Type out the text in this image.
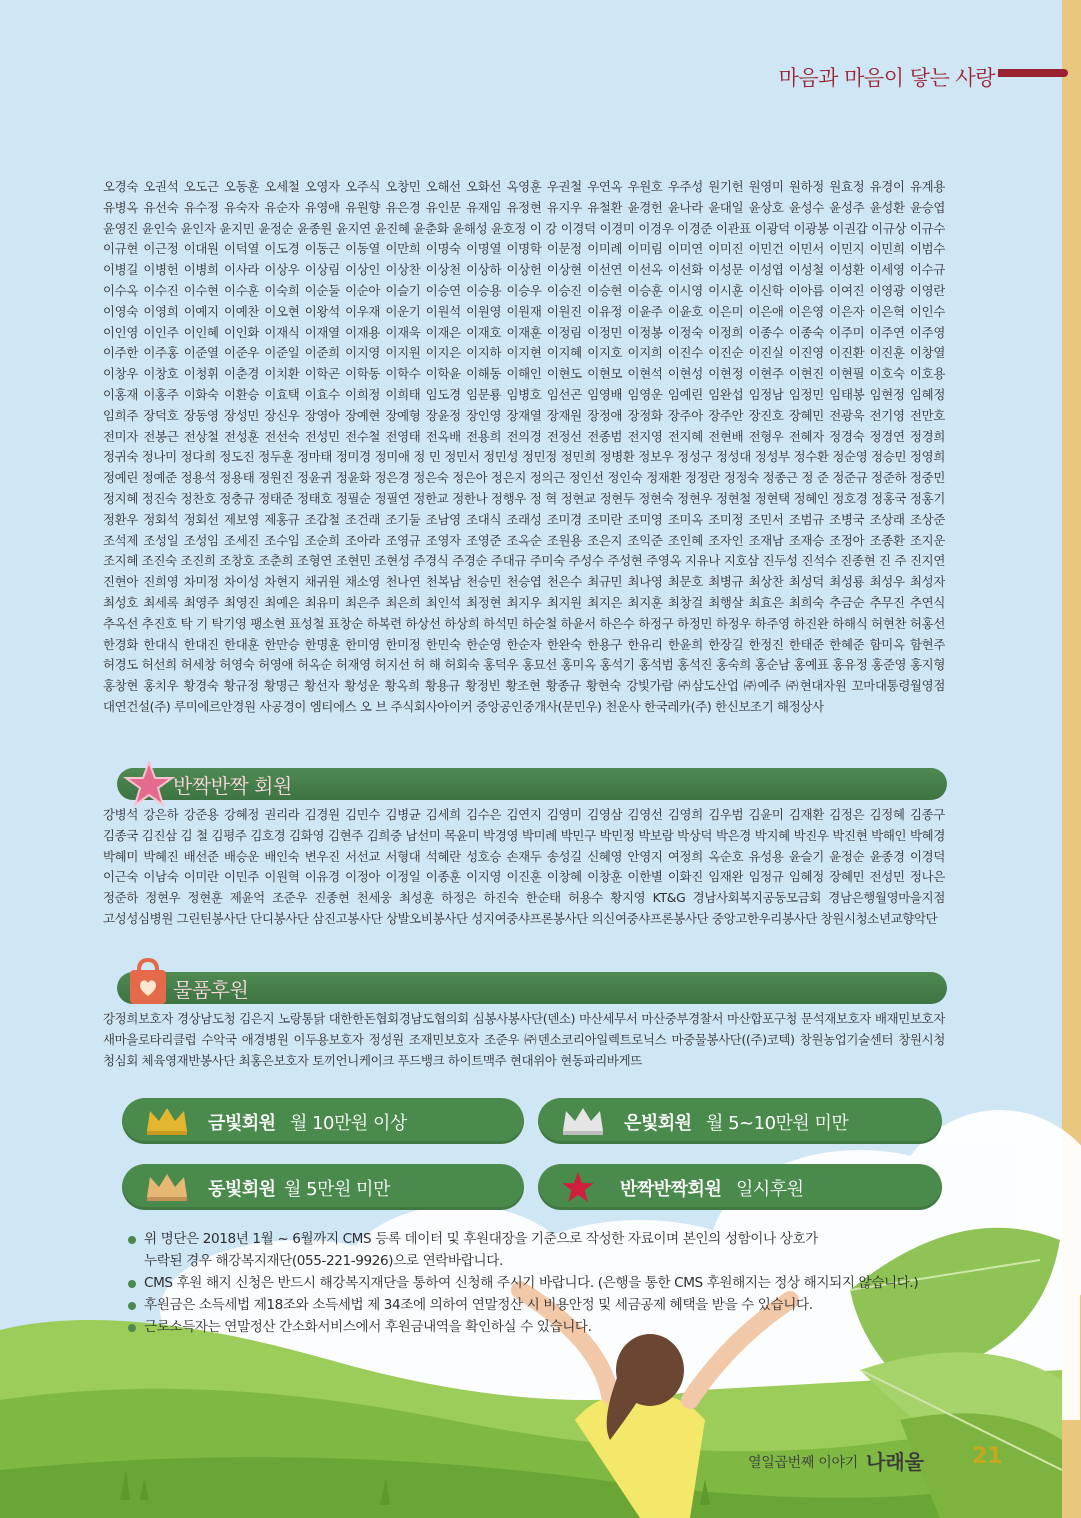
마음과 마음이 닿는 사랑
오경숙 오권석 오도근 오동훈 오세철 오영자 오주식 오창민 오해선 오화선 옥영훈 우권철 우연옥 우원호 우주성 원기헌 원영미 원하정 원효정 유경이 유계용 유병옥 유선숙 유수정 유숙자 유순자 유영애 유원향 유은경 유인문 유재임 유정현 유지우 유철환 윤경헌 윤나라 윤대일 윤상호 윤성수 윤성주 윤성환 윤승엽 윤영진 윤인숙 윤인자 윤지민 윤정순 윤종원 윤지연 윤진혜 윤춘화 윤해성 윤호정 이 강 이경덕 이경미 이경우 이경준 이관표 이광덕 이광봉 이권갑 이규상 이규수 이규현 이근정 이대원 이덕열 이도경 이동근 이동열 이만희 이명숙 이명열 이명학 이문정 이미례 이미림 이미연 이미진 이민건 이민서 이민지 이민희 이범수 이병길 이병헌 이병희 이사라 이상우 이상림 이상인 이상찬 이상천 이상하 이상헌 이상현 이선연 이선옥 이선화 이성문 이성엽 이성철 이성환 이세영 이수규 이수옥 이수진 이수현 이수훈 이숙희 이순둘 이순아 이슬기 이승연 이승용 이승우 이승진 이승현 이승훈 이시영 이시훈 이신학 이아름 이여진 이영광 이영란 이영숙 이영희 이예지 이예찬 이오현 이왕석 이우재 이운기 이원석 이원영 이원재 이원진 이유정 이윤주 이윤호 이은미 이은애 이은영 이은자 이은혁 이인수 이인영 이인주 이인혜 이인화 이재식 이재열 이재용 이재욱 이재은 이재호 이재훈 이정림 이정민 이정봉 이정숙 이정희 이종수 이종숙 이주미 이주연 이주영 이주한 이주홍 이준열 이준우 이준일 이준희 이지영 이지원 이지은 이지하 이지현 이지혜 이지호 이지희 이진수 이진순 이진실 이진영 이진환 이진훈 이창열 이창우 이창호 이청휘 이춘경 이치환 이학곤 이학동 이학수 이학윤 이해동 이해인 이현도 이현모 이현석 이현성 이현정 이현주 이현진 이현필 이호숙 이호용 이홍재 이홍주 이화숙 이환승 이효택 이효수 이희정 이희태 임도경 임문룡 임병호 임선곤 임영배 임영운 임예린 임완섭 임정남 임정민 임태봉 임현정 임혜정 임희주 장덕호 장동영 장성민 장신우 장영아 장예현 장예형 장윤정 장인영 장재열 장재원 장정애 장정화 장주아 장주안 장진호 장혜민 전광욱 전기영 전만호 전미자 전봉근 전상철 전성훈 전선숙 전성민 전수철 전영태 전옥배 전용희 전의경 전정선 전종범 전지영 전지혜 전현배 전형우 전혜자 정경숙 정경연 정경희 정귀숙 정나미 정다희 정도진 정두훈 정마태 정미경 정미애 정 민 정민서 정민성 정민정 정민희 정병환 정보우 정성구 정성대 정성부 정수환 정순영 정승민 정영희 정예린 정예준 정용석 정용태 정원진 정윤귀 정윤화 정은경 정은숙 정은아 정은지 정의근 정인선 정인숙 정재환 정정란 정정숙 정종근 정 준 정준규 정준하 정중민 정지혜 정진숙 정찬호 정충규 정태준 정태호 정필순 정필연 정한교 정한나 정행우 정 혁 정현교 정현두 정현숙 정현우 정현철 정현택 정혜인 정호경 정홍국 정홍기 정환우 정회석 정회선 제보영 제홍규 조갑철 조건래 조기둘 조남영 조대식 조래성 조미경 조미란 조미영 조미옥 조미정 조민서 조범규 조병국 조상래 조상준 조석제 조성일 조성임 조세진 조수임 조순희 조아라 조영규 조영자 조영준 조옥순 조원용 조은지 조익준 조인혜 조자인 조재남 조재승 조정아 조종환 조지운 조지혜 조진숙 조진희 조창호 조춘희 조형연 조현민 조현성 주경식 주경순 주대규 주미숙 주성수 주성현 주영옥 지유나 지호삼 진두성 진석수 진종현 진 주 진지연 진현아 진희영 차미정 차이성 차현지 채귀원 채소영 천나연 천복남 천승민 천승엽 천은수 최규민 최나영 최문호 최병규 최상찬 최성덕 최성룡 최성우 최성자 최성호 최세록 최영주 최영진 최예은 최유미 최은주 최은희 최인석 최정현 최지우 최지원 최지은 최지훈 최창걸 최행살 최효은 최희숙 추금순 추무진 추연식 추옥선 추진호 탁 기 탁기영 팽소현 표성철 표창순 하복련 하상선 하상희 하석민 하순철 하윤서 하은수 하정구 하정민 하정우 하주영 하진완 하해식 허현찬 허홍선 한경화 한대식 한대진 한대훈 한만승 한명훈 한미영 한미정 한민숙 한순영 한순자 한완숙 한용구 한유리 한윤희 한장길 한정진 한태준 한혜준 함미옥 함현주 허경도 허선희 허세창 허영숙 허영애 허옥순 허재영 허지선 허 해 허회숙 홍덕우 홍묘선 홍미옥 홍석기 홍석범 홍석진 홍숙희 홍순남 홍예표 홍유정 홍준영 홍지형 홍창현 홍치우 황경숙 황규정 황명근 황선자 황성운 황옥희 황용규 황정빈 황조현 황종규 황현숙 강빛가람 ㈜삼도산업 ㈜예주 ㈜현대자원 꼬마대통령월영점 대연건설(주) 루미에르안경원 사공경이 엠티에스 오 브 주식회사아이커 중앙공인중개사(문민우) 천운사 한국레카(주) 한신보조기 해정상사
반짝반짝 회원
강병석 강은하 강준용 강혜정 권리라 김경원 김민수 김병균 김세희 김수은 김연지 김영미 김영삼 김영선 김영희 김우범 김윤미 김재환 김정은 김정혜 김종구 김종국 김진삼 김 철 김평주 김호경 김화영 김현주 김희중 남선미 목윤미 박경영 박미례 박민구 박민정 박보람 박상덕 박은경 박지혜 박진우 박진현 박해인 박혜경 박혜미 박혜진 배선준 배승운 배인숙 변우진 서선교 서형대 석혜란 성호승 손재두 송성길 신혜영 안영지 여정희 옥순호 유성용 윤슬기 윤정순 윤종경 이경덕 이근숙 이남숙 이미란 이민주 이원혁 이유경 이정아 이정일 이종훈 이지영 이진훈 이창혜 이창훈 이한별 이화진 임재완 임정규 임혜정 장혜민 전성민 정나은 정준하 정현우 정현훈 제윤억 조준우 진종현 천세웅 최성훈 하정은 하진숙 한순태 허용수 황지영 KT&G 경남사회복지공동모금회 경남은행월영마을지점 고성성심병원 그린틴봉사단 단디봉사단 삼진고봉사단 상발오비봉사단 성지여중샤프론봉사단 의신여중샤프론봉사단 중앙고한우리봉사단 창원시청소년교향악단
물품후원
강정희보호자 경상남도청 김은지 노랑통닭 대한한돈협회경남도협의회 심봉사봉사단(덴소) 마산세무서 마산중부경찰서 마산합포구청 문석재보호자 배재민보호자 새마을로타리클럽 수악국 애경병원 이두용보호자 정성원 조재민보호자 조준우 ㈜덴소코리아일렉트로닉스 마중물봉사단((주)코텍) 창원농업기술센터 창원시청 청심회 체육영재반봉사단 최홍은보호자 토끼언니케이크 푸드뱅크 하이트맥주 현대위아 현동파리바게뜨
금빛회원 월 10만원 이상	은빛회원 월 5~10만원 미만
동빛회원 월 5만원 미만	반짝반짝회원 일시후원
위 명단은 2018년 1월 ~ 6월까지 CMS 등록 데이터 및 후원대장을 기준으로 작성한 자료이며 본인의 성함이나 상호가 누락된 경우 해강복지재단(055-221-9926)으로 연락바랍니다.
CMS 후원 해지 신청은 반드시 해강복지재단을 통하여 신청해 주시기 바랍니다. (은행을 통한 CMS 후원해지는 정상 해지되지 않습니다.)
후원금은 소득세법 제18조와 소득세법 제 34조에 의하여 연말정산 시 비용안정 및 세금공제 혜택을 받을 수 있습니다.
근로소득자는 연말정산 간소화서비스에서 후원금내역을 확인하실 수 있습니다.
열일곱번째 이야기 나래울 21
